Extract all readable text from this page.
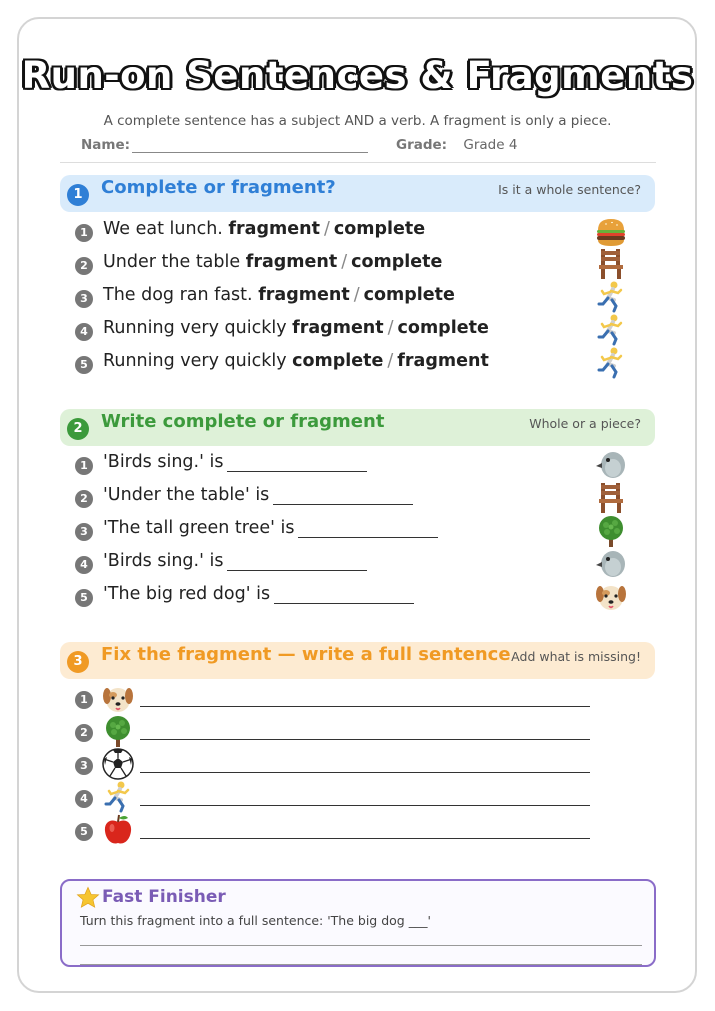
Run-on Sentences & Fragments
A complete sentence has a subject AND a verb. A fragment is only a piece.
Name:	Grade: Grade 4
1	Complete or fragment?	Is it a whole sentence?
1 We eat lunch. fragment / complete
2 Under the table fragment / complete
3 The dog ran fast. fragment / complete
4 Running very quickly fragment / complete
5 Running very quickly complete / fragment
2	Write complete or fragment	Whole or a piece?
1 'Birds sing.' is
2 'Under the table' is
3 'The tall green tree' is
4 'Birds sing.' is
5 'The big red dog' is
3	Fix the fragment — write a full sentence Add what is missing!
1
2
3
4
5
Fast Finisher
Turn this fragment into a full sentence: 'The big dog ___'
